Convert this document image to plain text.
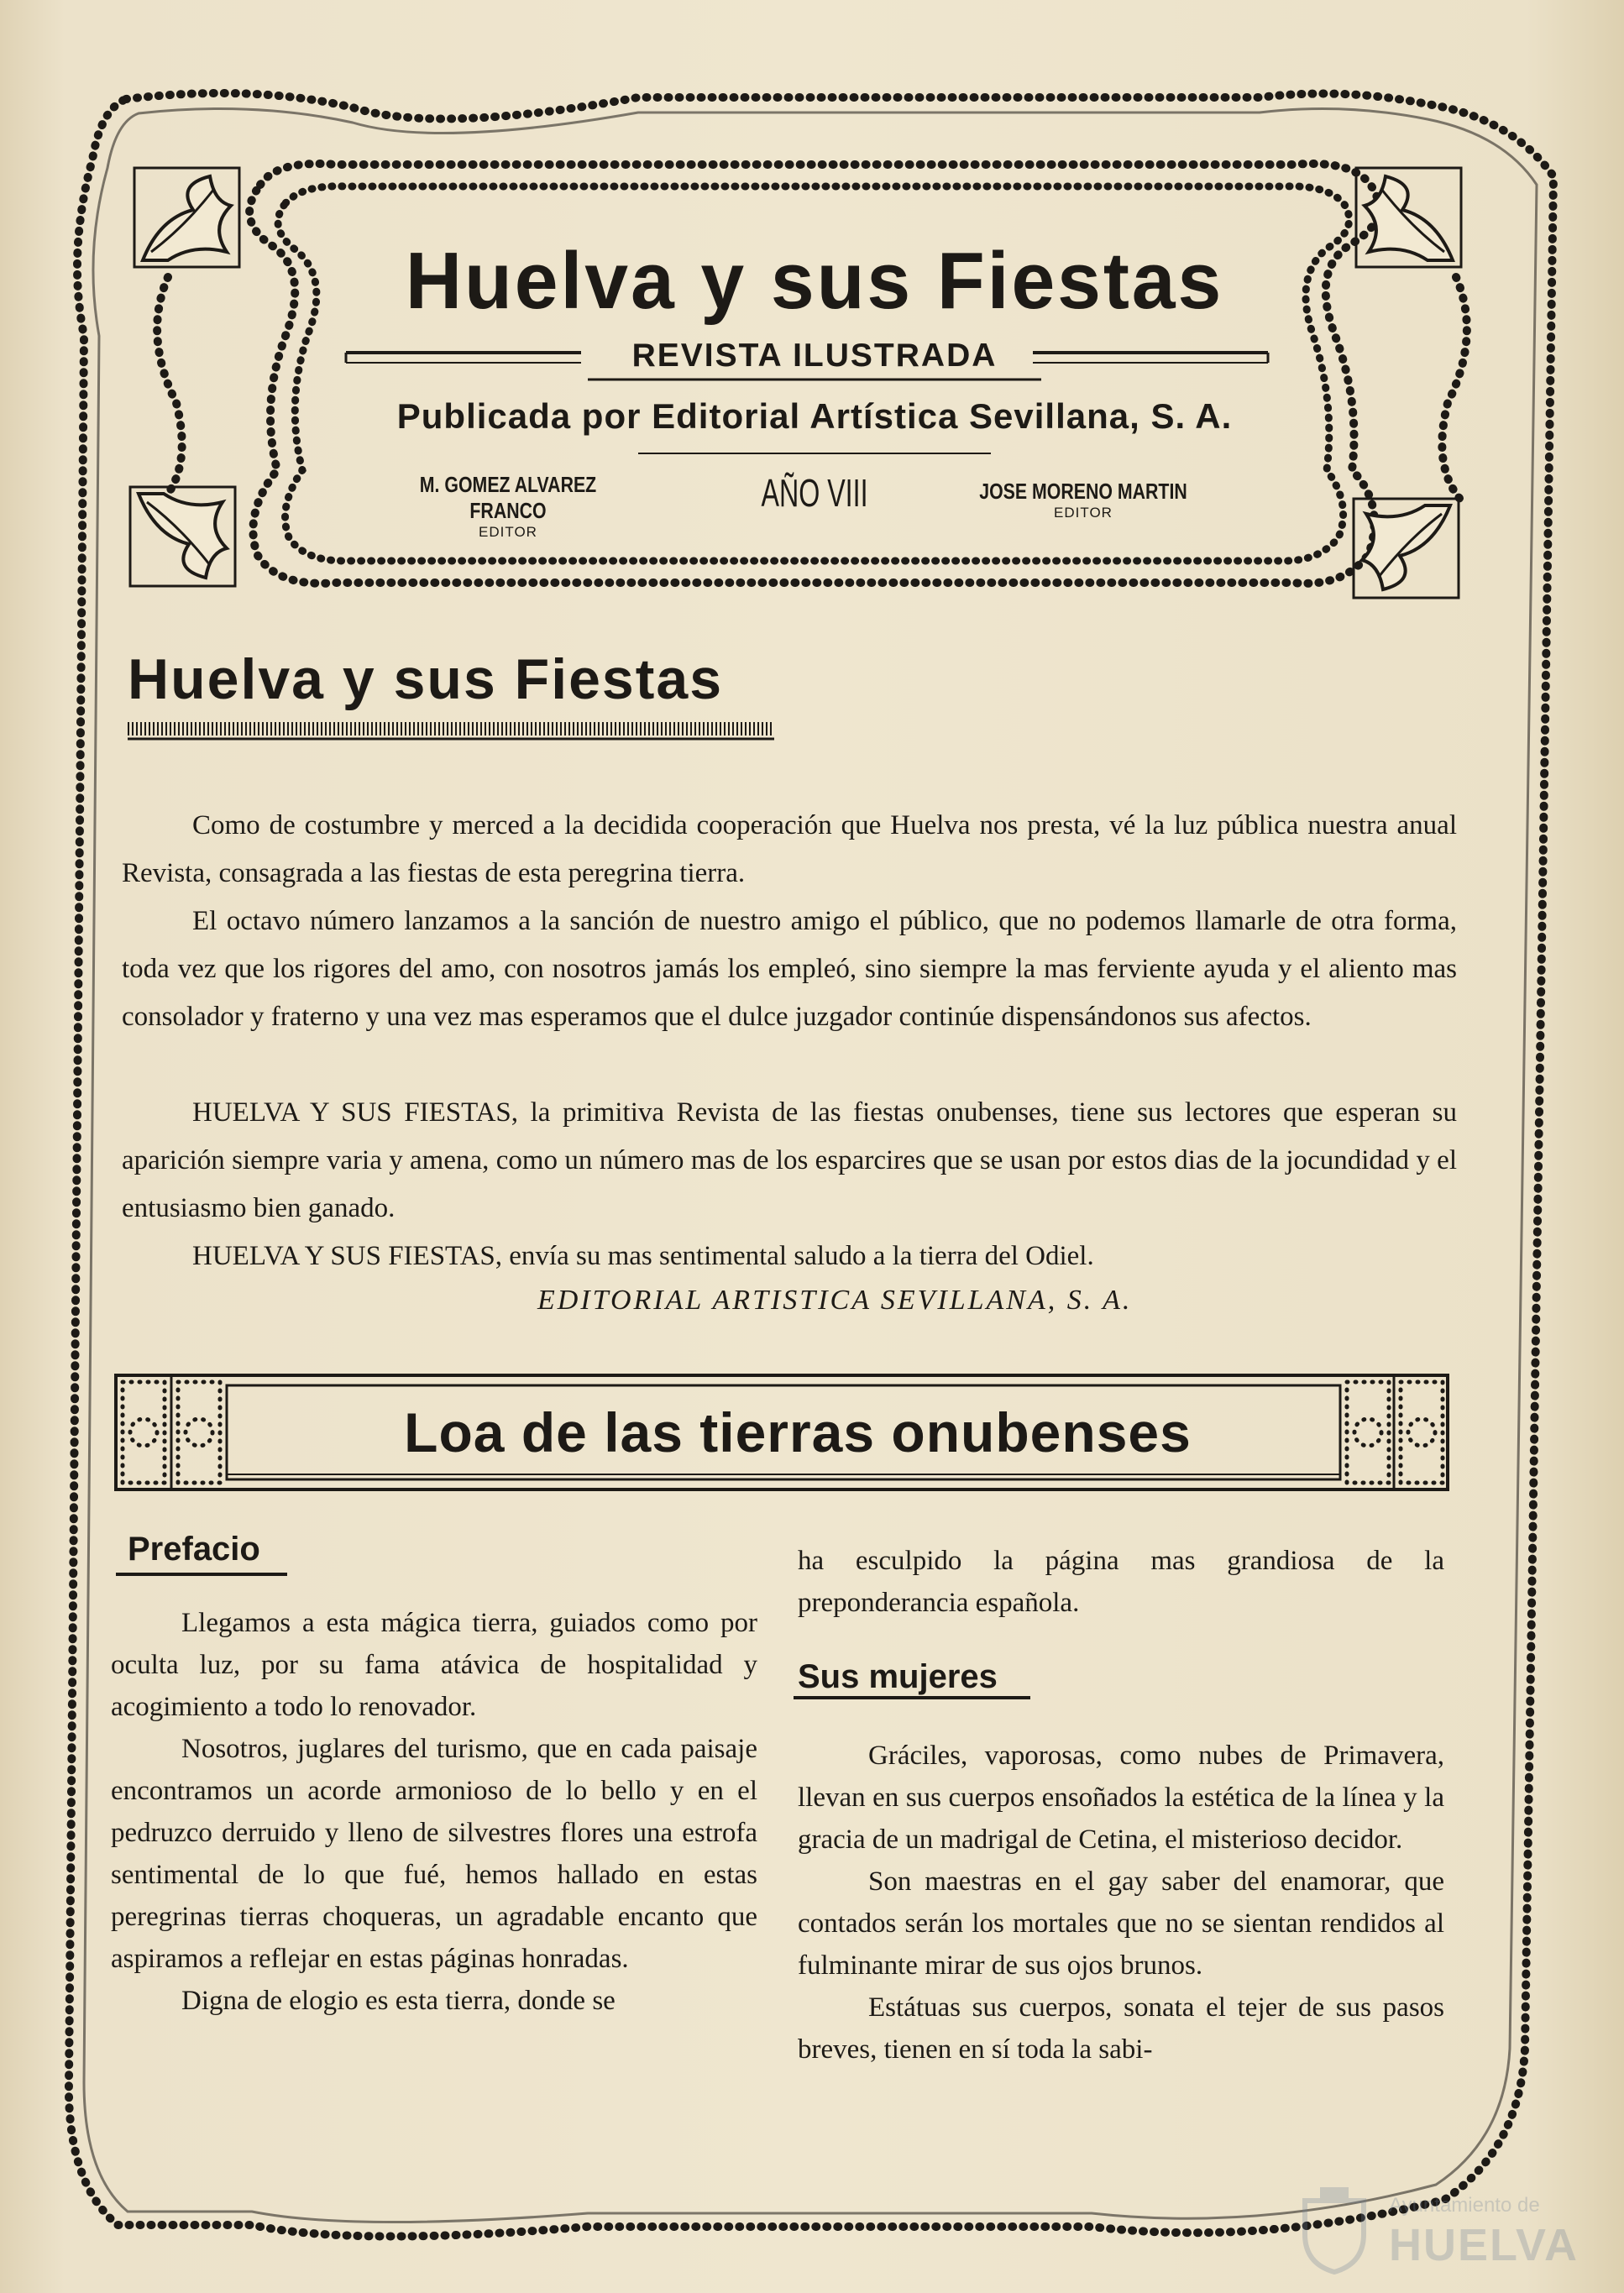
Huelva y sus Fiestas
REVISTA ILUSTRADA
Publicada por Editorial Artística Sevillana, S. A.
M. GOMEZ ALVAREZ FRANCO
EDITOR
AÑO VIII	JOSE MORENO MARTIN
EDITOR
Huelva y sus Fiestas
Como de costumbre y merced a la decidida cooperación que Huelva nos presta, vé la luz pública nuestra anual Revista, consagrada a las fiestas de esta peregrina tierra.
El octavo número lanzamos a la sanción de nuestro amigo el público, que no podemos llamarle de otra forma, toda vez que los rigores del amo, con nosotros jamás los empleó, sino siempre la mas ferviente ayuda y el aliento mas consolador y fraterno y una vez mas esperamos que el dulce juzgador continúe dispensándonos sus afectos.
HUELVA Y SUS FIESTAS, la primitiva Revista de las fiestas onubenses, tiene sus lectores que esperan su aparición siempre varia y amena, como un número mas de los esparcires que se usan por estos dias de la jocundidad y el entusiasmo bien ganado.
HUELVA Y SUS FIESTAS, envía su mas sentimental saludo a la tierra del Odiel.
EDITORIAL ARTISTICA SEVILLANA, S. A.
Loa de las tierras onubenses
Prefacio

Llegamos a esta mágica tierra, guiados como por oculta luz, por su fama atávica de hospitalidad y acogimiento a todo lo renovador.

Nosotros, juglares del turismo, que en cada paisaje encontramos un acorde armonioso de lo bello y en el pedruzco derruido y lleno de silvestres flores una estrofa sentimental de lo que fué, hemos hallado en estas peregrinas tierras choqueras, un agradable encanto que aspiramos a reflejar en estas páginas honradas.

Digna de elogio es esta tierra, donde se

ha esculpido la página mas grandiosa de la preponderancia española.

Sus mujeres

Gráciles, vaporosas, como nubes de Primavera, llevan en sus cuerpos ensoñados la estética de la línea y la gracia de un madrigal de Cetina, el misterioso decidor.

Son maestras en el gay saber del enamorar, que contados serán los mortales que no se sientan rendidos al fulminante mirar de sus ojos brunos.

Estátuas sus cuerpos, sonata el tejer de sus pasos breves, tienen en sí toda la sabi-

Ayuntamiento de
HUELVA
